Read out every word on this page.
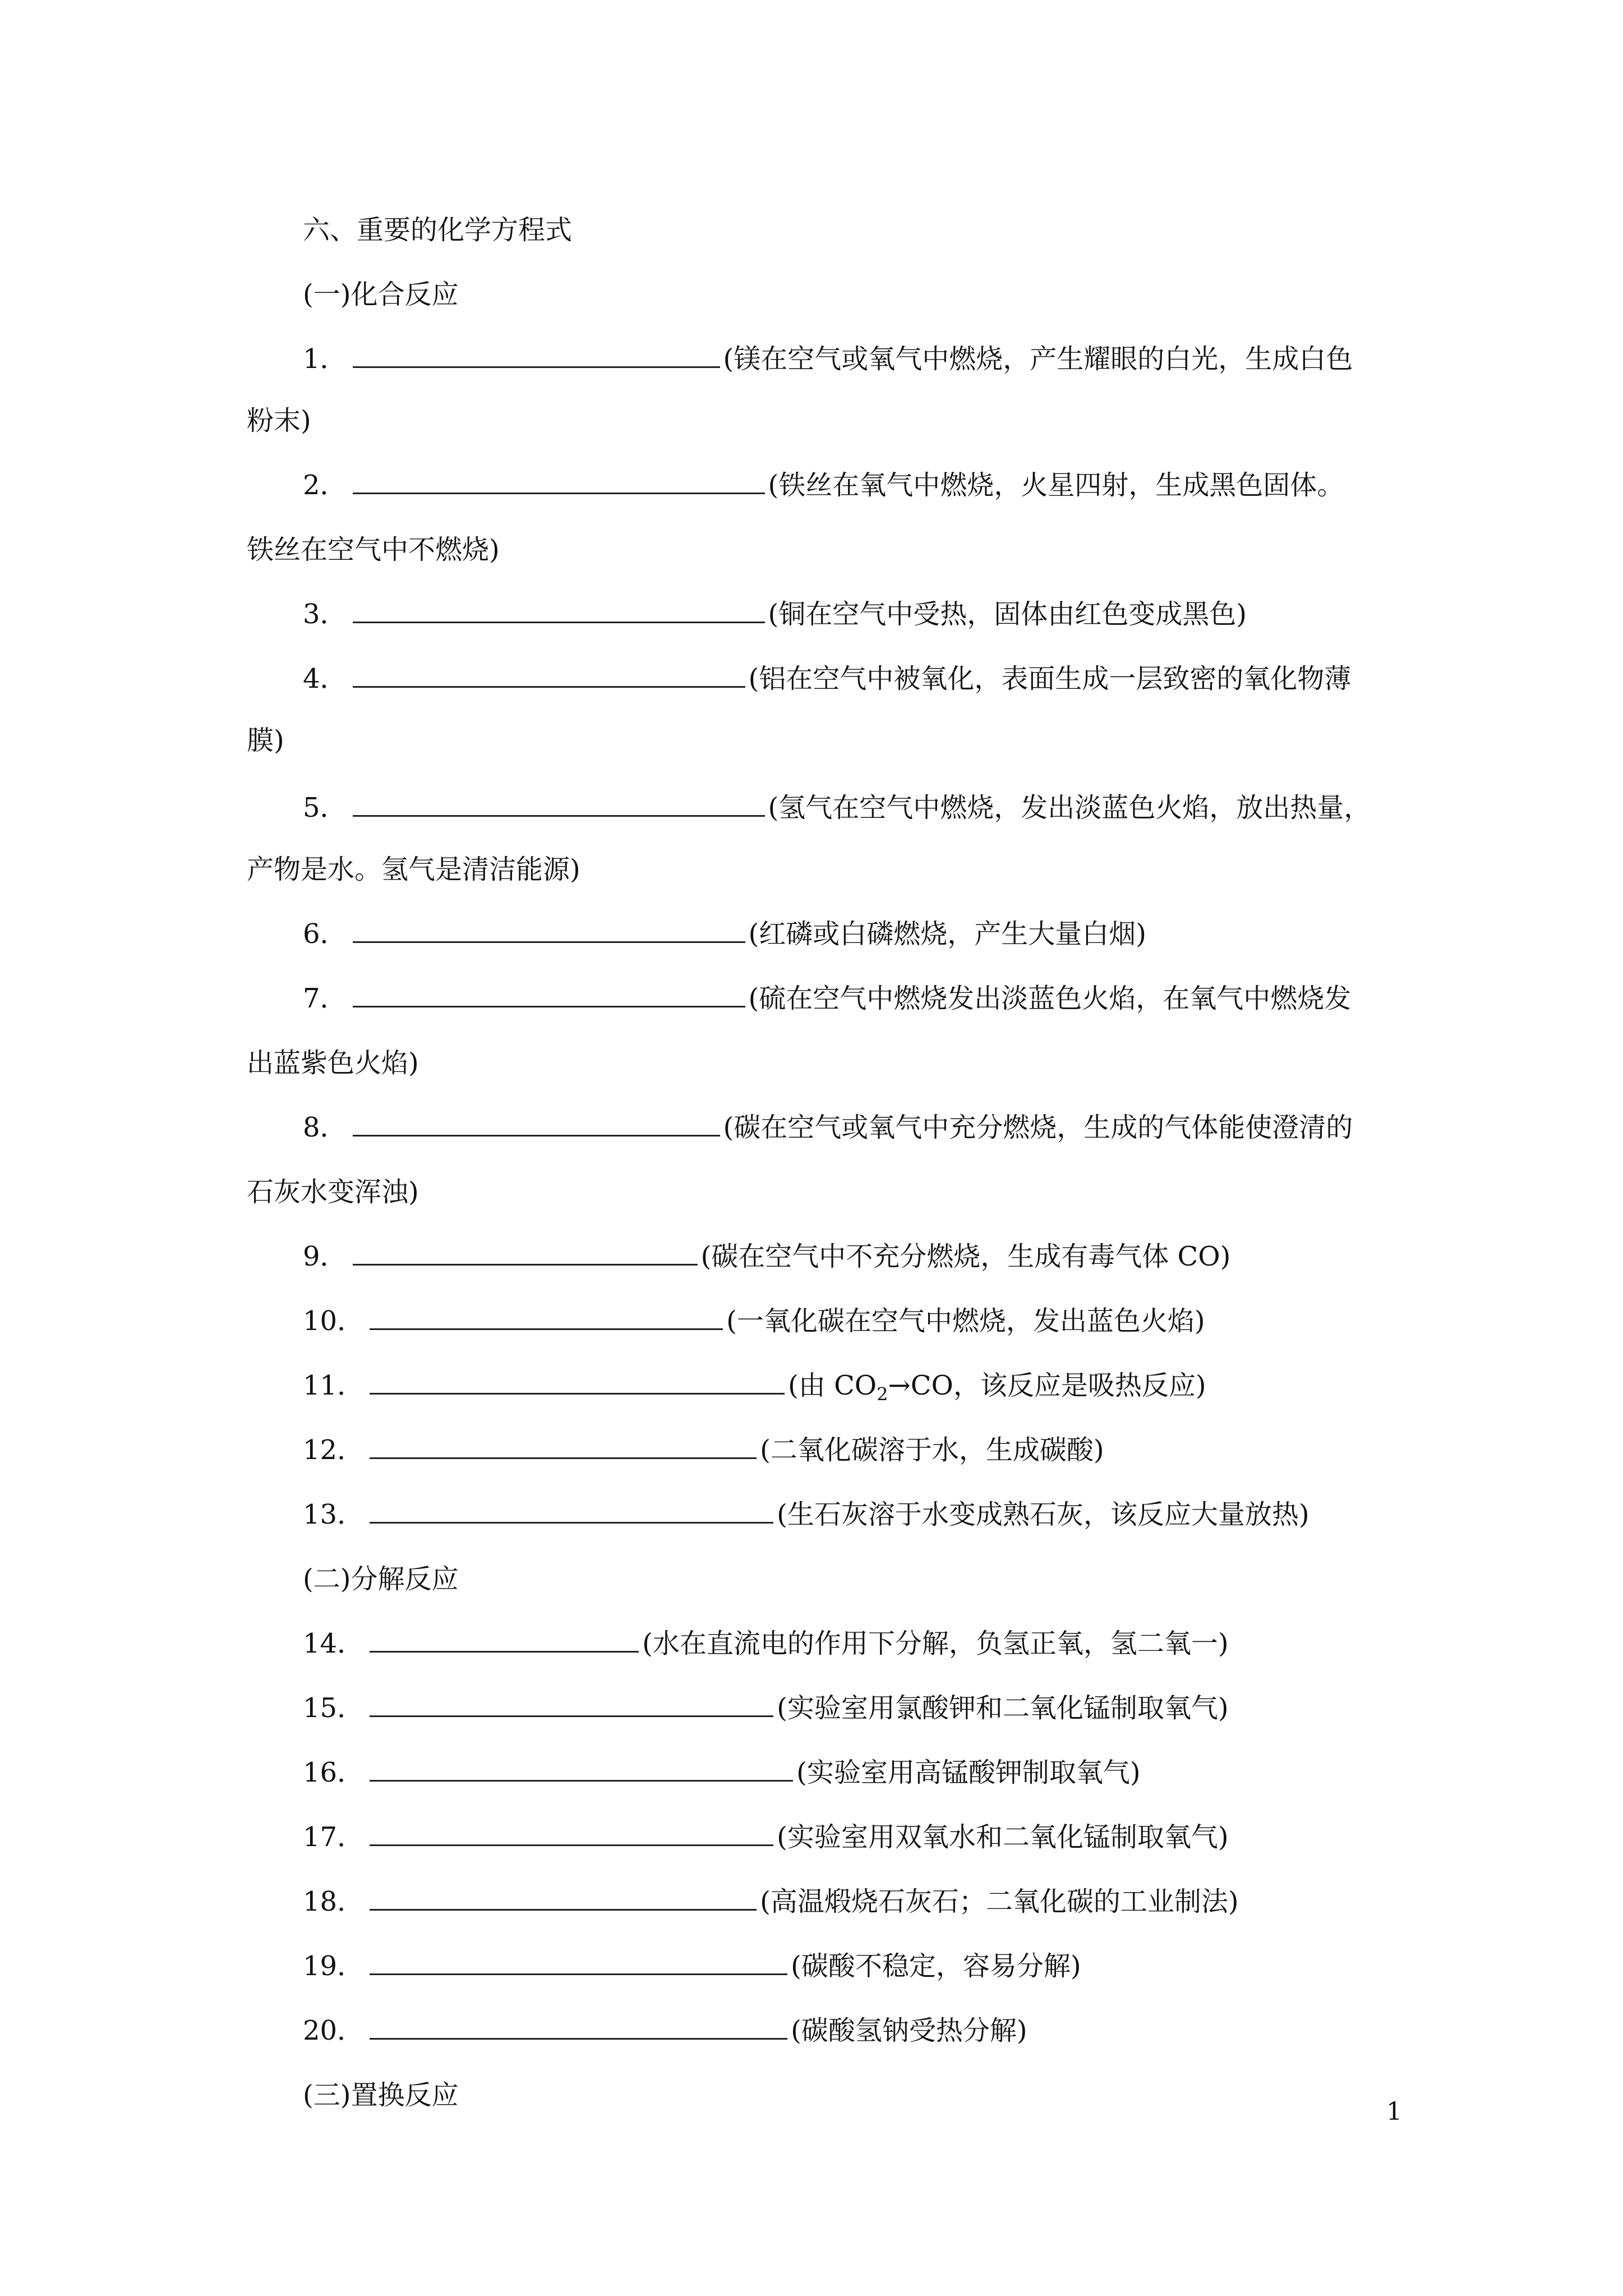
六、重要的化学方程式
(一)化合反应
1．	(镁在空气或氧气中燃烧，产生耀眼的白光，生成白色
粉末)
2．	(铁丝在氧气中燃烧，火星四射，生成黑色固体。
铁丝在空气中不燃烧)
3．	(铜在空气中受热，固体由红色变成黑色)
4．	(铝在空气中被氧化，表面生成一层致密的氧化物薄
膜)
5．	(氢气在空气中燃烧，发出淡蓝色火焰，放出热量，
产物是水。氢气是清洁能源)
6．	(红磷或白磷燃烧，产生大量白烟)
7．	(硫在空气中燃烧发出淡蓝色火焰，在氧气中燃烧发
出蓝紫色火焰)
8．	(碳在空气或氧气中充分燃烧，生成的气体能使澄清的
石灰水变浑浊)
9．	(碳在空气中不充分燃烧，生成有毒气体 CO)
10．	(一氧化碳在空气中燃烧，发出蓝色火焰)
11．	(由 $CO_2\to CO$，该反应是吸热反应)
12．	(二氧化碳溶于水，生成碳酸)
13．	(生石灰溶于水变成熟石灰，该反应大量放热)
(二)分解反应
14．	(水在直流电的作用下分解，负氢正氧，氢二氧一)
15．	(实验室用氯酸钾和二氧化锰制取氧气)
16．	(实验室用高锰酸钾制取氧气)
17．	(实验室用双氧水和二氧化锰制取氧气)
18．	(高温煅烧石灰石；二氧化碳的工业制法)
19．	(碳酸不稳定，容易分解)
20．	(碳酸氢钠受热分解)
(三)置换反应
1
